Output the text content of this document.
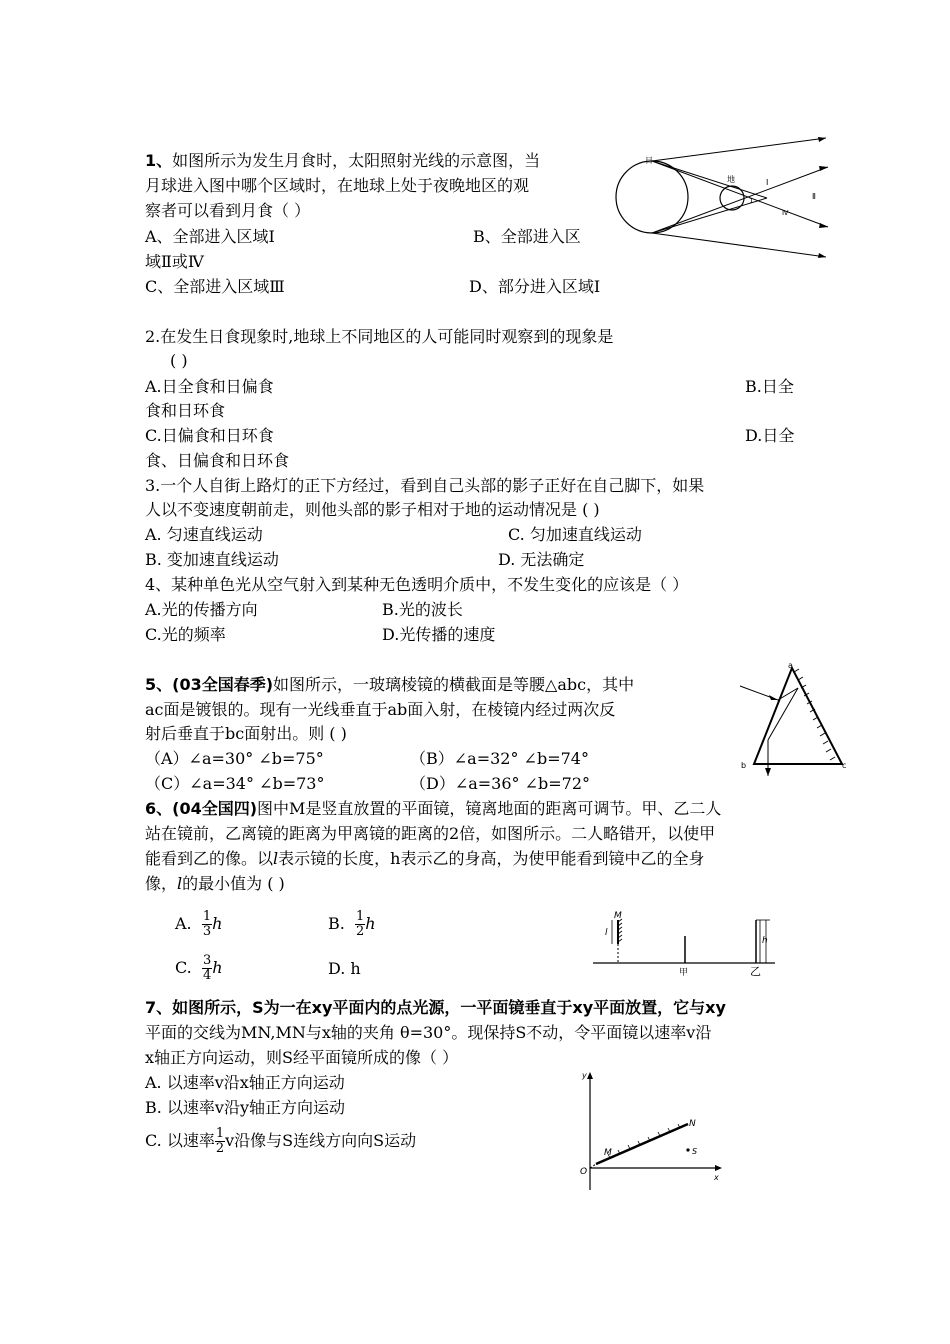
1、如图所示为发生月食时，太阳照射光线的示意图，当
月球进入图中哪个区域时，在地球上处于夜晚地区的观
察者可以看到月食（ ）
A、全部进入区域Ⅰ	B、全部进入区
域Ⅱ或Ⅳ
C、全部进入区域Ⅲ	D、部分进入区域Ⅰ
日
地	Ⅰ
Ⅱ
1
Ⅳ
2.在发生日食现象时,地球上不同地区的人可能同时观察到的现象是
( )
A.日全食和日偏食	B.日全
食和日环食
C.日偏食和日环食	D.日全
食、日偏食和日环食
3.一个人自街上路灯的正下方经过，看到自己头部的影子正好在自己脚下，如果
人以不变速度朝前走，则他头部的影子相对于地的运动情况是 ( )
A. 匀速直线运动	C. 匀加速直线运动
B. 变加速直线运动	D. 无法确定
4、某种单色光从空气射入到某种无色透明介质中，不发生变化的应该是（ ）
A.光的传播方向	B.光的波长
C.光的频率	D.光传播的速度
5、(03全国春季)如图所示，一玻璃棱镜的横截面是等腰△abc，其中
ac面是镀银的。现有一光线垂直于ab面入射，在棱镜内经过两次反
射后垂直于bc面射出。则 ( )
（A）∠a=30° ∠b=75°	（B）∠a=32° ∠b=74°
（C）∠a=34° ∠b=73°	（D）∠a=36° ∠b=72°
a
b	c
6、(04全国四)图中M是竖直放置的平面镜，镜离地面的距离可调节。甲、乙二人
站在镜前，乙离镜的距离为甲离镜的距离的2倍，如图所示。二人略错开，以使甲
能看到乙的像。以l表示镜的长度，h表示乙的身高，为使甲能看到镜中乙的全身
像，l的最小值为 ( )
A. $\frac{1}{3}$ h	B. $\frac{1}{2}$ h
C. $\frac{3}{4}$ h	D. h
M
l
h
甲	乙
7、如图所示，S为一在xy平面内的点光源，一平面镜垂直于xy平面放置，它与xy
平面的交线为MN,MN与x轴的夹角 θ=30°。现保持S不动，令平面镜以速率v沿
x轴正方向运动，则S经平面镜所成的像（ ）
A. 以速率v沿x轴正方向运动
B. 以速率v沿y轴正方向运动
C. 以速率 $\frac{1}{2}$ v沿像与S连线方向向S运动
y
x
O
M
N
S
